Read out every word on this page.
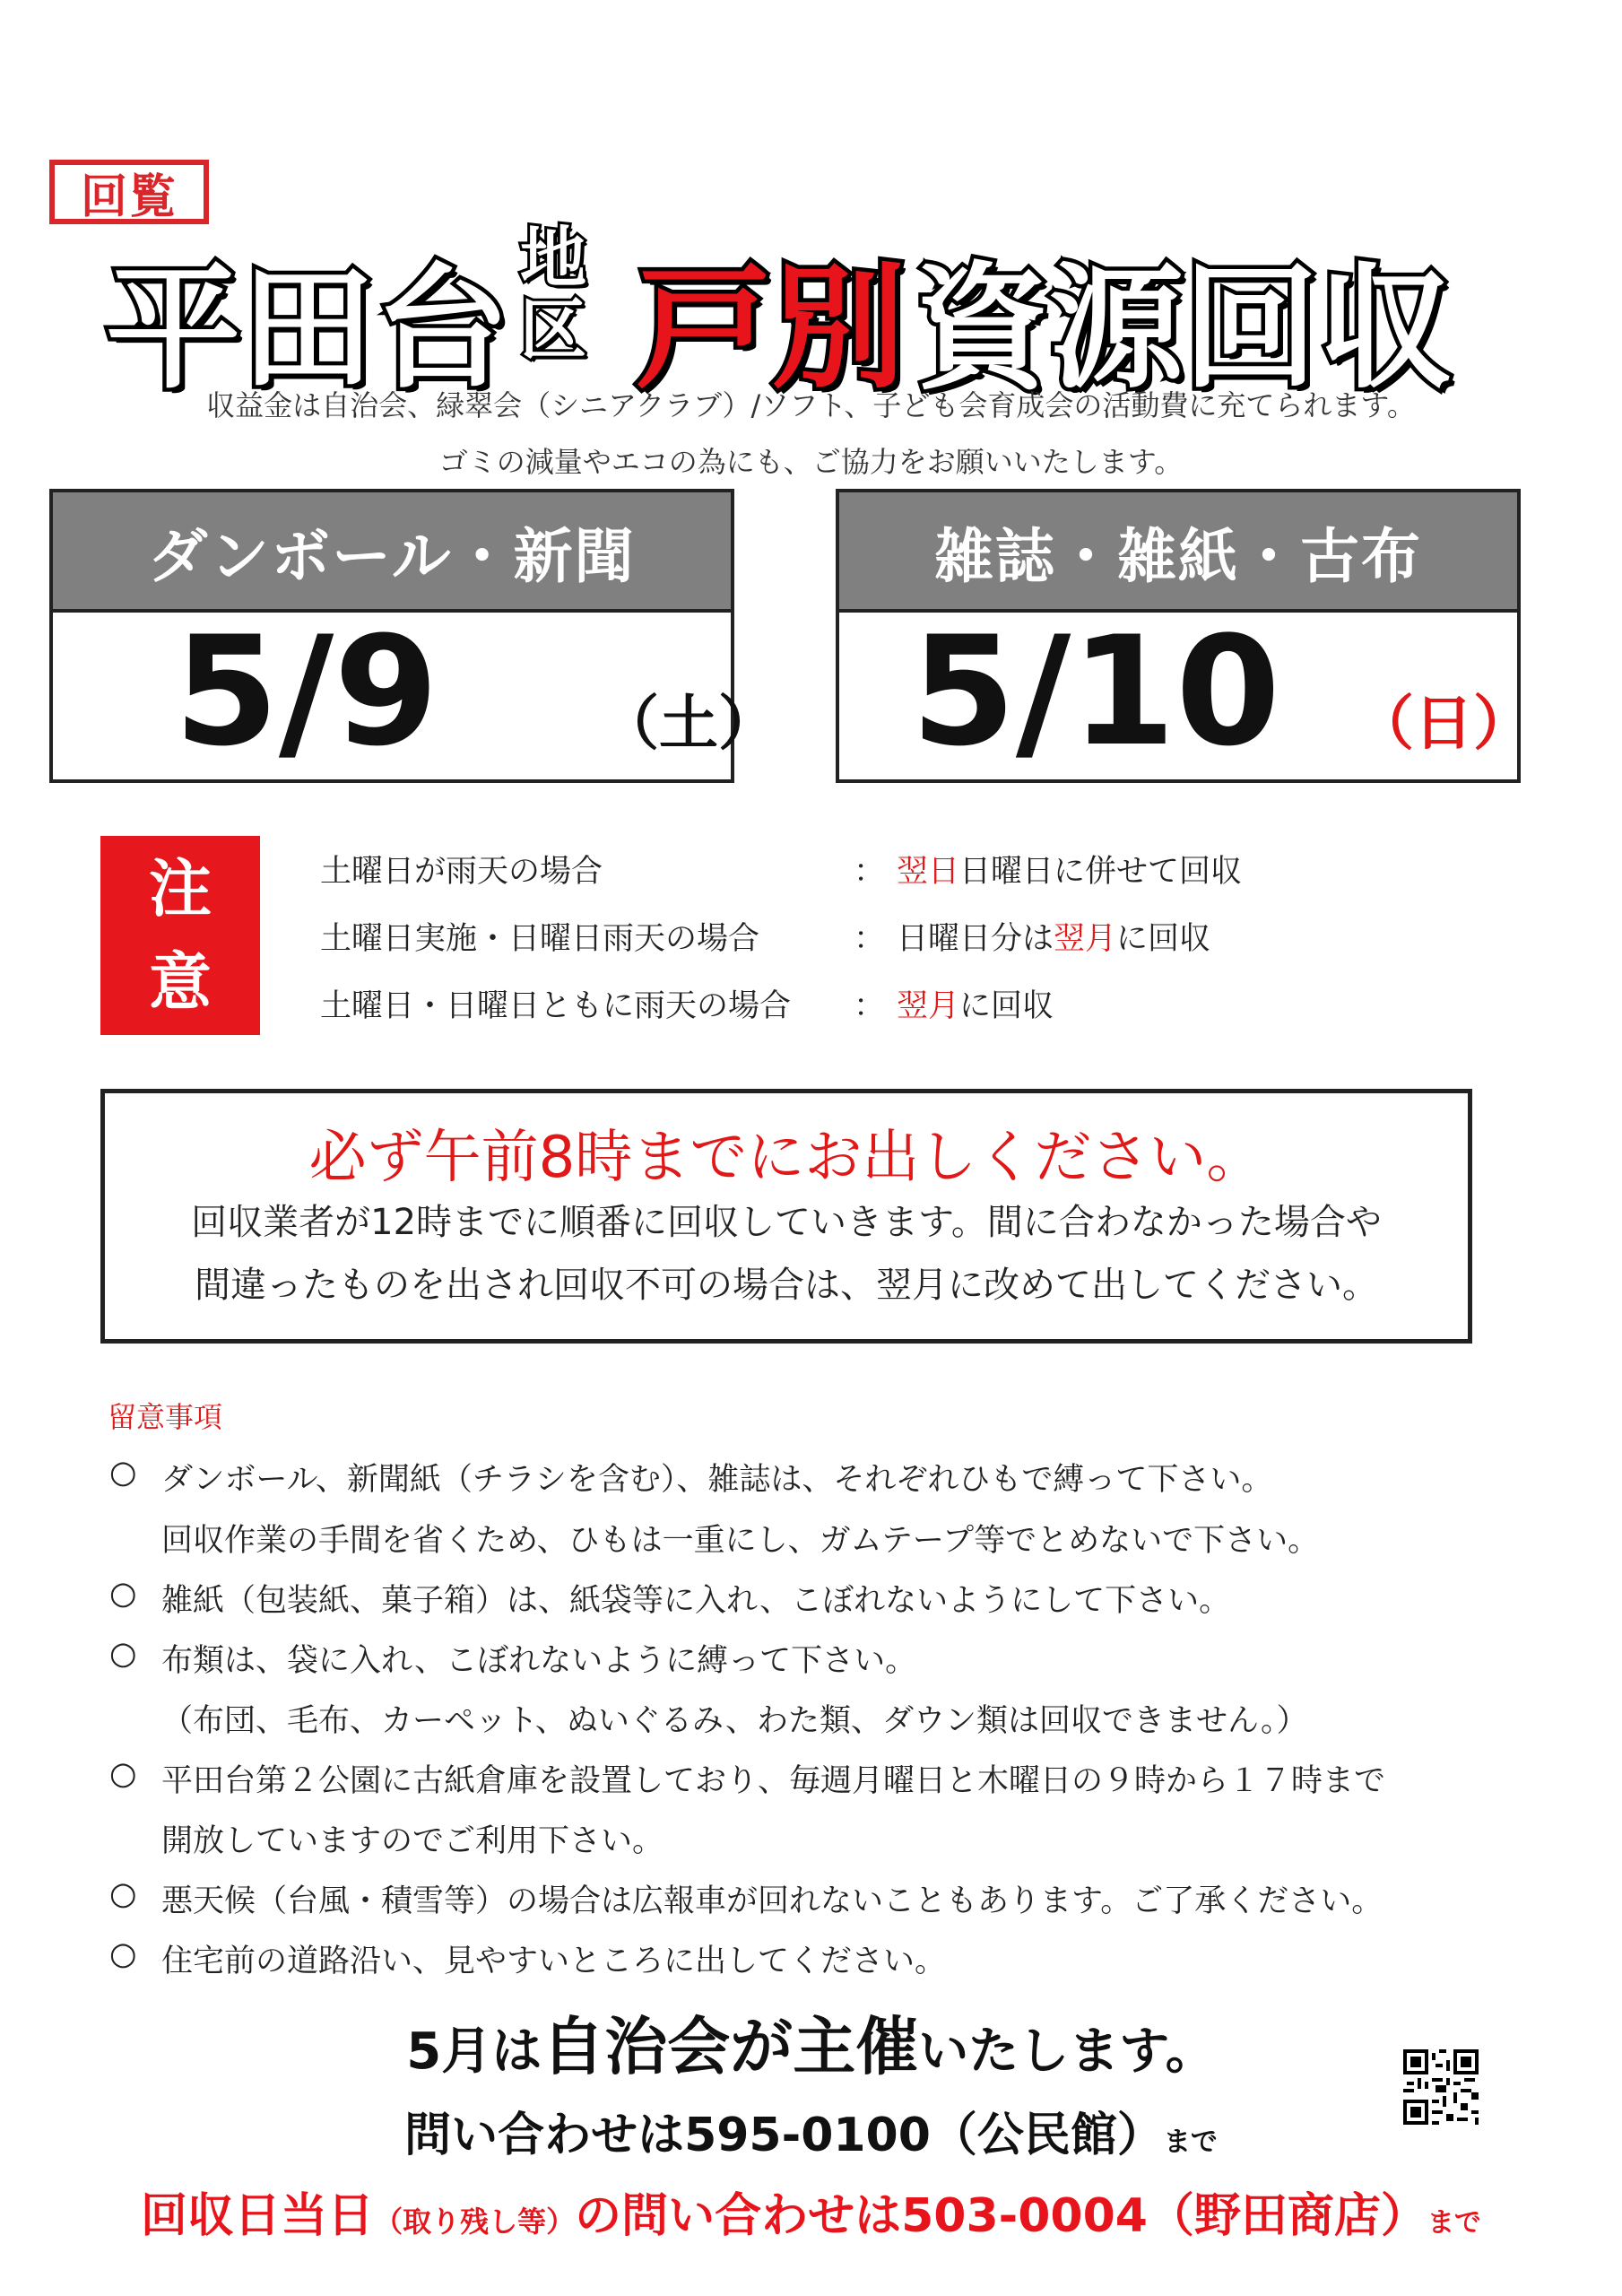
回覧
平田台 地
区 戸別 資源回収
収益金は自治会、緑翠会（シニアクラブ）/ソフト、子ども会育成会の活動費に充てられます。
ゴミの減量やエコの為にも、ご協力をお願いいたします。
ダンボール・新聞
5/9	（土）
雑誌・雑紙・古布
5/10 （日）
注
意
土曜日が雨天の場合	： 翌日日曜日に併せて回収
土曜日実施・日曜日雨天の場合	： 日曜日分は翌月に回収
土曜日・日曜日ともに雨天の場合 ： 翌月に回収
必ず午前8時までにお出しください。
回収業者が12時までに順番に回収していきます。間に合わなかった場合や
間違ったものを出され回収不可の場合は、翌月に改めて出してください。
留意事項
○ ダンボール、新聞紙（チラシを含む）、雑誌は、それぞれひもで縛って下さい。
回収作業の手間を省くため、ひもは一重にし、ガムテープ等でとめないで下さい。
○ 雑紙（包装紙、菓子箱）は、紙袋等に入れ、こぼれないようにして下さい。
○ 布類は、袋に入れ、こぼれないように縛って下さい。
（布団、毛布、カーペット、ぬいぐるみ、わた類、ダウン類は回収できません。）
○ 平田台第２公園に古紙倉庫を設置しており、毎週月曜日と木曜日の９時から１７時まで
開放していますのでご利用下さい。
○ 悪天候（台風・積雪等）の場合は広報車が回れないこともあります。ご了承ください。
○ 住宅前の道路沿い、見やすいところに出してください。
5月は自治会が主催いたします。
問い合わせは595-0100（公民館）まで
回収日当日（取り残し等）の問い合わせは503-0004（野田商店）まで
